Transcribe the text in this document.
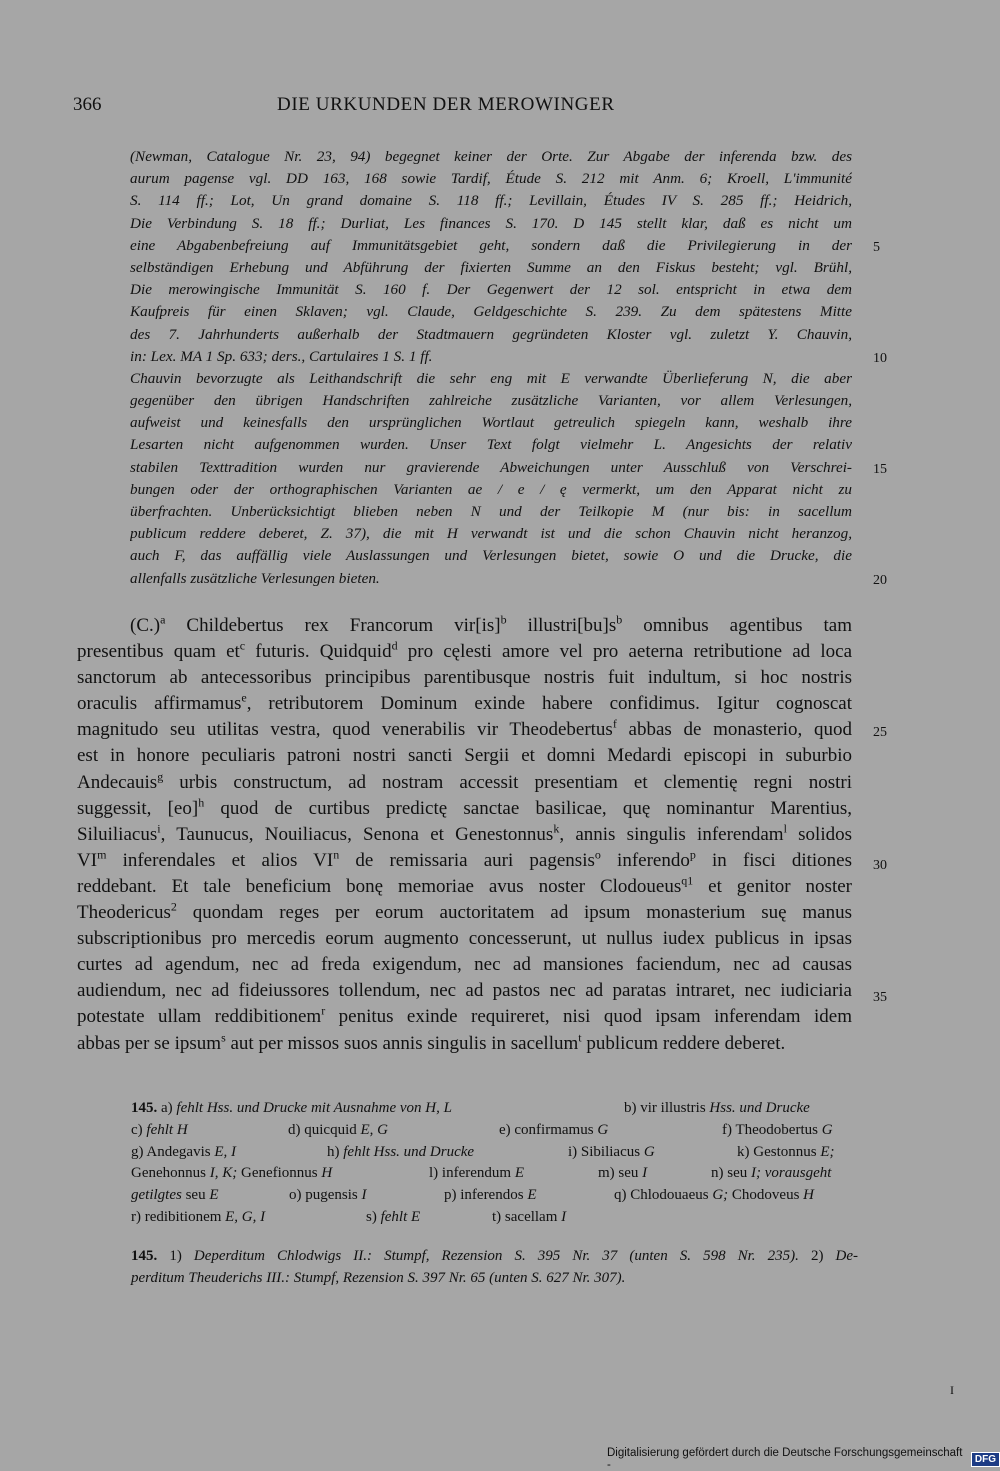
366	DIE URKUNDEN DER MEROWINGER
(Newman, Catalogue Nr. 23, 94) begegnet keiner der Orte. Zur Abgabe der inferenda bzw. des
aurum pagense vgl. DD 163, 168 sowie Tardif, Étude S. 212 mit Anm. 6; Kroell, L'immunité
S. 114 ff.; Lot, Un grand domaine S. 118 ff.; Levillain, Études IV S. 285 ff.; Heidrich,
Die Verbindung S. 18 ff.; Durliat, Les finances S. 170. D 145 stellt klar, daß es nicht um
eine Abgabenbefreiung auf Immunitätsgebiet geht, sondern daß die Privilegierung in der
selbständigen Erhebung und Abführung der fixierten Summe an den Fiskus besteht; vgl. Brühl,
Die merowingische Immunität S. 160 f. Der Gegenwert der 12 sol. entspricht in etwa dem
Kaufpreis für einen Sklaven; vgl. Claude, Geldgeschichte S. 239. Zu dem spätestens Mitte
des 7. Jahrhunderts außerhalb der Stadtmauern gegründeten Kloster vgl. zuletzt Y. Chauvin,
in: Lex. MA 1 Sp. 633; ders., Cartulaires 1 S. 1 ff.
Chauvin bevorzugte als Leithandschrift die sehr eng mit E verwandte Überlieferung N, die aber
gegenüber den übrigen Handschriften zahlreiche zusätzliche Varianten, vor allem Verlesungen,
aufweist und keinesfalls den ursprünglichen Wortlaut getreulich spiegeln kann, weshalb ihre
Lesarten nicht aufgenommen wurden. Unser Text folgt vielmehr L. Angesichts der relativ
stabilen Texttradition wurden nur gravierende Abweichungen unter Ausschluß von Verschrei-
bungen oder der orthographischen Varianten ae / e / ę vermerkt, um den Apparat nicht zu
überfrachten. Unberücksichtigt blieben neben N und der Teilkopie M (nur bis: in sacellum
publicum reddere deberet, Z. 37), die mit H verwandt ist und die schon Chauvin nicht heranzog,
auch F, das auffällig viele Auslassungen und Verlesungen bietet, sowie O und die Drucke, die
allenfalls zusätzliche Verlesungen bieten.
5
10
15
20
25
30
35
$(C.)^a$ Childebertus rex Francorum vir[is]$^b$ $illustri[bu]s^b$ omnibus agentibus tam
presentibus quam $et^c$ futuris. Quidquid$^d$ pro cęlesti amore vel pro aeterna retributione ad loca
sanctorum ab antecessoribus principibus parentibusque nostris fuit indultum, si hoc nostris
oraculis affirmamus$^e$, retributorem Dominum exinde habere confidimus. Igitur cognoscat
magnitudo seu utilitas vestra, quod venerabilis vir Theodebertus$^f$ abbas de monasterio, quod
est in honore peculiaris patroni nostri sancti Sergii et domni Medardi episcopi in suburbio
Andecauis$^g$ urbis constructum, ad nostram accessit presentiam et clementię regni nostri
suggessit, [eo]$^h$ quod de curtibus predictę sanctae basilicae, quę nominantur Marentius,
Siluiliacus$^i$, Taunucus, Nouiliacus, Senona et Genestonnus$^k$, annis singulis inferendam$^l$ solidos
$VI^m$ inferendales et alios $VI^n$ de remissaria auri pagensis$^o$ inferendo$^p$ in fisci ditiones
reddebant. Et tale beneficium bonę memoriae avus noster Clodoueus$^{q1}$ et genitor noster
Theodericus$^2$ quondam reges per eorum auctoritatem ad ipsum monasterium suę manus
subscriptionibus pro mercedis eorum augmento concesserunt, ut nullus iudex publicus in ipsas
curtes ad agendum, nec ad freda exigendum, nec ad mansiones faciendum, nec ad causas
audiendum, nec ad fideiussores tollendum, nec ad pastos nec ad paratas intraret, nec iudiciaria
potestate ullam reddibitionem$^r$ penitus exinde requireret, nisi quod ipsam inferendam idem
abbas per se ipsum$^s$ aut per missos suos annis singulis in sacellum$^t$ publicum reddere deberet.
145. a) fehlt Hss. und Drucke mit Ausnahme von H, L	b) vir illustris Hss. und Drucke
c) fehlt H	d) quicquid E, G	e) confirmamus G	f) Theodobertus G
g) Andegavis E, I	h) fehlt Hss. und Drucke	i) Sibiliacus G	k) Gestonnus E;
Genehonnus I, K; Genefionnus H	l) inferendum E	m) seu I	n) seu I; vorausgeht
getilgtes seu E	o) pugensis I	p) inferendos E	q) Chlodouaeus G; Chodoveus H
r) redibitionem E, G, I	s) fehlt E	t) sacellam I
145. 1) Deperditum Chlodwigs II.: Stumpf, Rezension S. 395 Nr. 37 (unten S. 598 Nr. 235). 2) De-
perditum Theuderichs III.: Stumpf, Rezension S. 397 Nr. 65 (unten S. 627 Nr. 307).
I
Digitalisierung gefördert durch die Deutsche Forschungsgemeinschaft -	DFG
